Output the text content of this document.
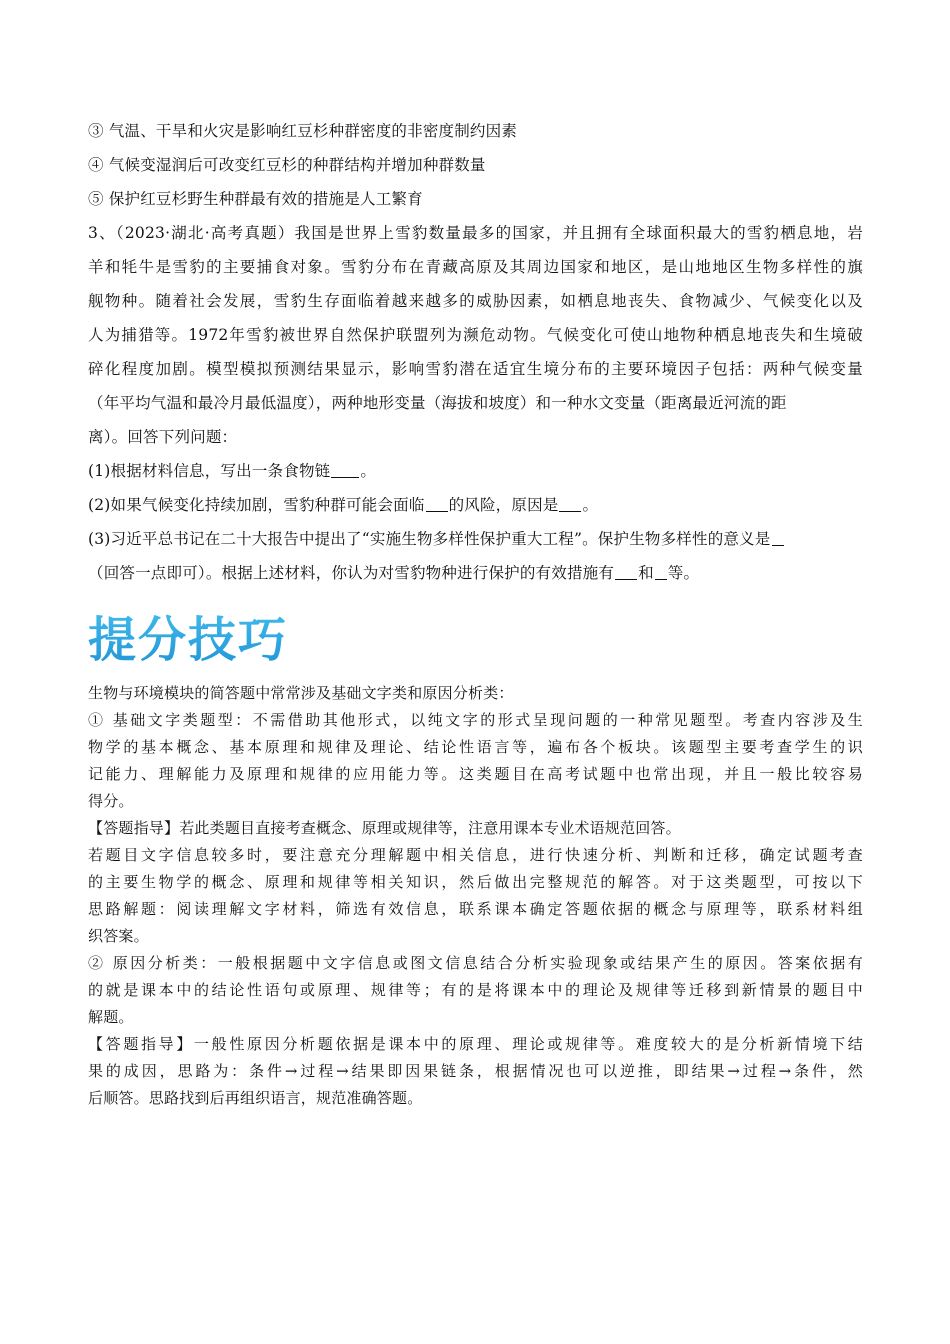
③ 气温、干旱和火灾是影响红豆杉种群密度的非密度制约因素

④ 气候变湿润后可改变红豆杉的种群结构并增加种群数量

⑤ 保护红豆杉野生种群最有效的措施是人工繁育

3、（2023·湖北·高考真题）我国是世界上雪豹数量最多的国家，并且拥有全球面积最大的雪豹栖息地，岩

羊和牦牛是雪豹的主要捕食对象。雪豹分布在青藏高原及其周边国家和地区，是山地地区生物多样性的旗

舰物种。随着社会发展，雪豹生存面临着越来越多的威胁因素，如栖息地丧失、食物减少、气候变化以及

人为捕猎等。1972年雪豹被世界自然保护联盟列为濒危动物。气候变化可使山地物种栖息地丧失和生境破

碎化程度加剧。模型模拟预测结果显示，影响雪豹潜在适宜生境分布的主要环境因子包括：两种气候变量

（年平均气温和最冷月最低温度），两种地形变量（海拔和坡度）和一种水文变量（距离最近河流的距

离）。回答下列问题：

(1)根据材料信息，写出一条食物链 。

(2)如果气候变化持续加剧，雪豹种群可能会面临 的风险，原因是 。

(3)习近平总书记在二十大报告中提出了“实施生物多样性保护重大工程”。保护生物多样性的意义是

（回答一点即可）。根据上述材料，你认为对雪豹物种进行保护的有效措施有 和 等。

提分技巧

生物与环境模块的简答题中常常涉及基础文字类和原因分析类：

① 基础文字类题型：不需借助其他形式，以纯文字的形式呈现问题的一种常见题型。考查内容涉及生

物学的基本概念、基本原理和规律及理论、结论性语言等，遍布各个板块。该题型主要考查学生的识

记能力、理解能力及原理和规律的应用能力等。这类题目在高考试题中也常出现，并且一般比较容易

得分。

【答题指导】若此类题目直接考查概念、原理或规律等，注意用课本专业术语规范回答。

若题目文字信息较多时，要注意充分理解题中相关信息，进行快速分析、判断和迁移，确定试题考查

的主要生物学的概念、原理和规律等相关知识，然后做出完整规范的解答。对于这类题型，可按以下

思路解题：阅读理解文字材料，筛选有效信息，联系课本确定答题依据的概念与原理等，联系材料组

织答案。

② 原因分析类：一般根据题中文字信息或图文信息结合分析实验现象或结果产生的原因。答案依据有

的就是课本中的结论性语句或原理、规律等；有的是将课本中的理论及规律等迁移到新情景的题目中

解题。

【答题指导】一般性原因分析题依据是课本中的原理、理论或规律等。难度较大的是分析新情境下结

果的成因，思路为：条件→过程→结果即因果链条，根据情况也可以逆推，即结果→过程→条件，然

后顺答。思路找到后再组织语言，规范准确答题。
